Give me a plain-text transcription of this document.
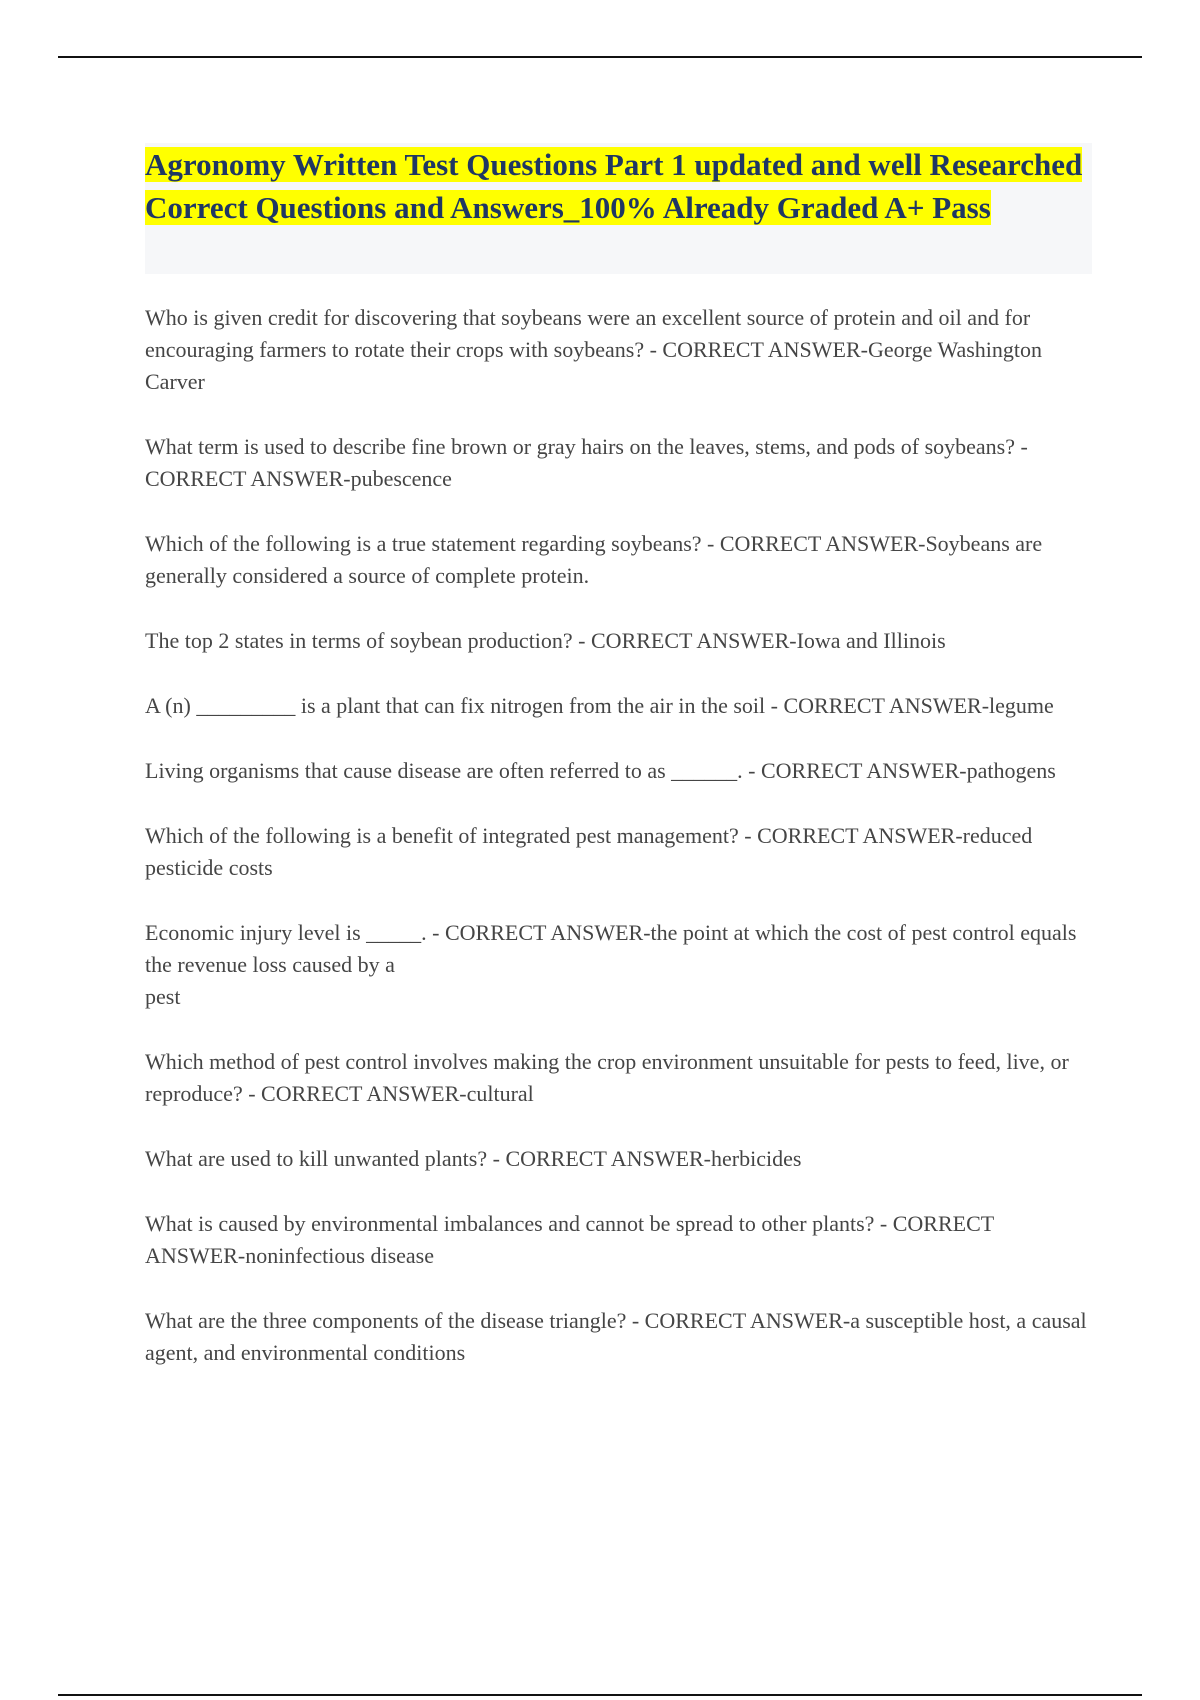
Agronomy Written Test Questions Part 1 updated and well Researched Correct Questions and Answers_100% Already Graded A+ Pass

Who is given credit for discovering that soybeans were an excellent source of protein and oil and for encouraging farmers to rotate their crops with soybeans? - CORRECT ANSWER-George Washington Carver

What term is used to describe fine brown or gray hairs on the leaves, stems, and pods of soybeans? - CORRECT ANSWER-pubescence

Which of the following is a true statement regarding soybeans? - CORRECT ANSWER-Soybeans are generally considered a source of complete protein.

The top 2 states in terms of soybean production? - CORRECT ANSWER-Iowa and Illinois

A (n) _________ is a plant that can fix nitrogen from the air in the soil - CORRECT ANSWER-legume

Living organisms that cause disease are often referred to as ______. - CORRECT ANSWER-pathogens

Which of the following is a benefit of integrated pest management? - CORRECT ANSWER-reduced pesticide costs

Economic injury level is _____. - CORRECT ANSWER-the point at which the cost of pest control equals the revenue loss caused by a
pest

Which method of pest control involves making the crop environment unsuitable for pests to feed, live, or reproduce? - CORRECT ANSWER-cultural

What are used to kill unwanted plants? - CORRECT ANSWER-herbicides

What is caused by environmental imbalances and cannot be spread to other plants? - CORRECT ANSWER-noninfectious disease

What are the three components of the disease triangle? - CORRECT ANSWER-a susceptible host, a causal agent, and environmental conditions
